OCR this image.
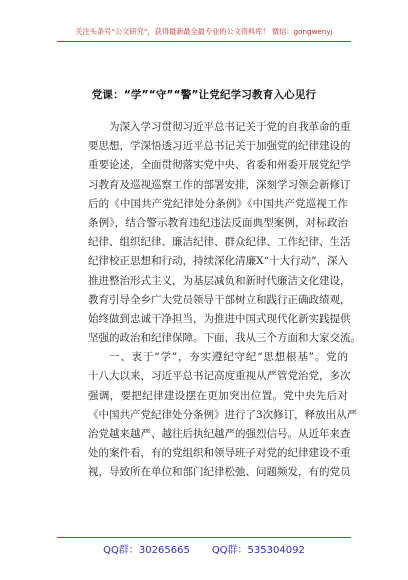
关注头条号“公文研究”，获得最新最全最专业的公文资料库！ 微信：gongwenyj
党课：“学”“守”“警”让党纪学习教育入心见行
为深入学习贯彻习近平总书记关于党的自我革命的重
要思想，学深悟透习近平总书记关于加强党的纪律建设的
重要论述，全面贯彻落实党中央、省委和州委开展党纪学
习教育及巡视巡察工作的部署安排，深刻学习领会新修订
后的《中国共产党纪律处分条例》《中国共产党巡视工作
条例》，结合警示教育违纪违法反面典型案例，对标政治
纪律、组织纪律、廉洁纪律、群众纪律、工作纪律、生活
纪律校正思想和行动，持续深化清廉X“十大行动”，深入
推进整治形式主义，为基层减负和新时代廉洁文化建设，
教育引导全乡广大党员领导干部树立和践行正确政绩观，
始终做到忠诚干净担当，为推进中国式现代化新实践提供
坚强的政治和纪律保障。下面，我从三个方面和大家交流。
一、衷于“学”，夯实遵纪守纪“思想根基”。党的
十八大以来，习近平总书记高度重视从严管党治党，多次
强调，要把纪律建设摆在更加突出位置。党中央先后对
《中国共产党纪律处分条例》进行了3次修订，释放出从严
治党越来越严、越往后执纪越严的强烈信号。从近年来查
处的案件看，有的党组织和领导班子对党的纪律建设不重
视，导致所在单位和部门纪律松弛、问题频发，有的党员
QQ群：30265665 QQ群：535304092
